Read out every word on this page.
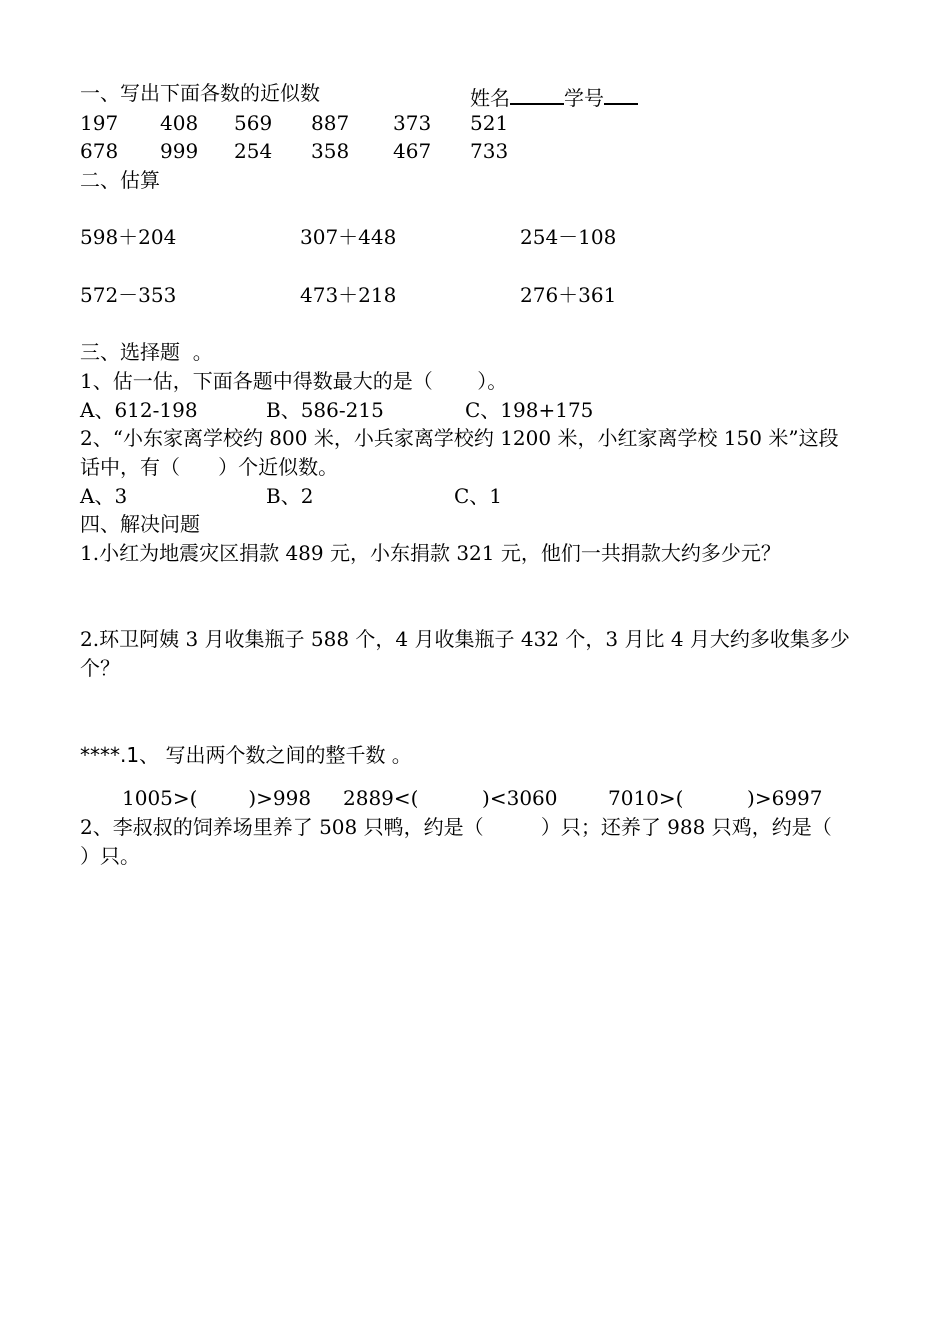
一、写出下面各数的近似数	姓名	学号
197 408 569 887 373 521
678 999 254 358 467 733
二、估算
598＋204	307＋448	254－108
572－353	473＋218	276＋361
三、选择题  。
1、估一估，下面各题中得数最大的是（       ）。
A、612-198	B、586-215	C、198+175
2、“小东家离学校约 800 米，小兵家离学校约 1200 米，小红家离学校 150 米”这段
话中，有（      ）个近似数。
A、3	B、2	C、1
四、解决问题
1.小红为地震灾区捐款 489 元，小东捐款 321 元，他们一共捐款大约多少元？
2.环卫阿姨 3 月收集瓶子 588 个，4 月收集瓶子 432 个，3 月比 4 月大约多收集多少
个？
****.1、 写出两个数之间的整千数 。
1005>(        )>998 2889<(          )<3060	7010>(          )>6997
2、李叔叔的饲养场里养了 508 只鸭，约是（         ）只；还养了 988 只鸡，约是（
）只。
